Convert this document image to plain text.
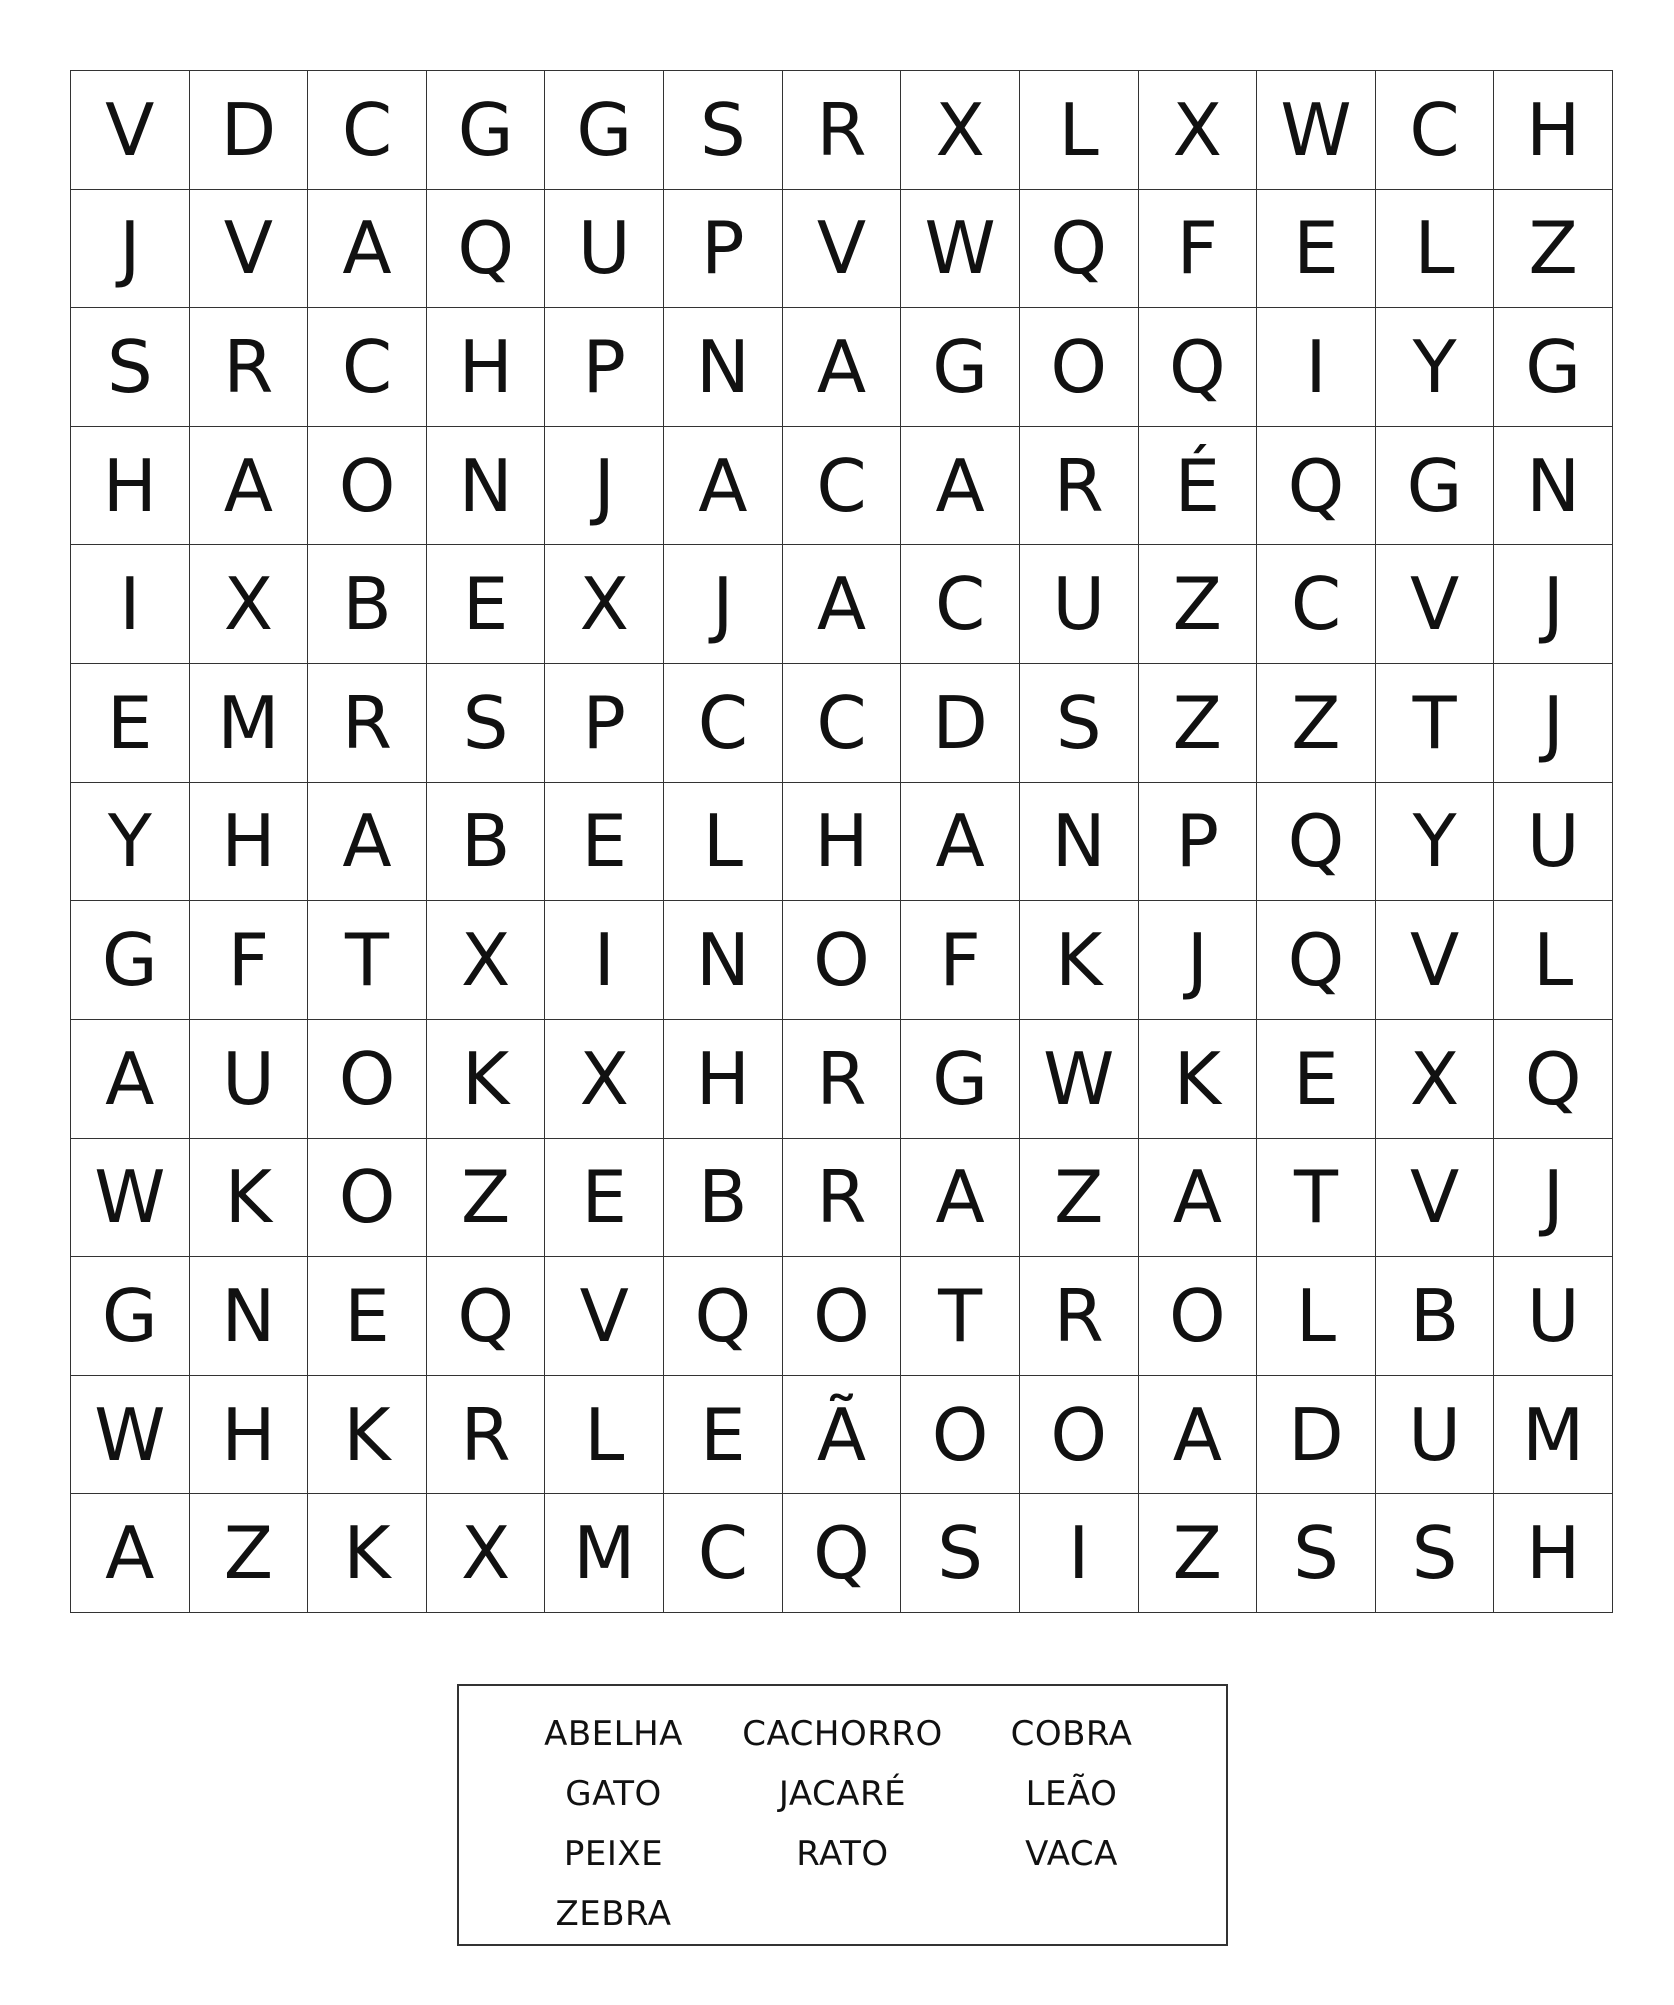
V D C G G S R X	L	X W C H
J	V A Q U P	V W Q F	E	L	Z
S R C H P N A G O Q	I	Y G
H A O N	J	A C A R É Q G N
I	X B E X	J	A C U Z C V	J
E M R S	P C C D S Z Z T	J
Y H A B E	L H A N P Q Y U
G F	T X	I	N O F	K	J	Q V	L
A U O K X H R G W K	E X Q
W K O Z E B R A Z A T	V	J
G N E Q V Q O T R O L	B U
W H K R	L	E Ã O O A D U M
A Z K X M C Q S	I	Z S	S H
ABELHA CACHORRO COBRA
GATO	JACARÉ	LEÃO
PEIXE	RATO	VACA
ZEBRA
